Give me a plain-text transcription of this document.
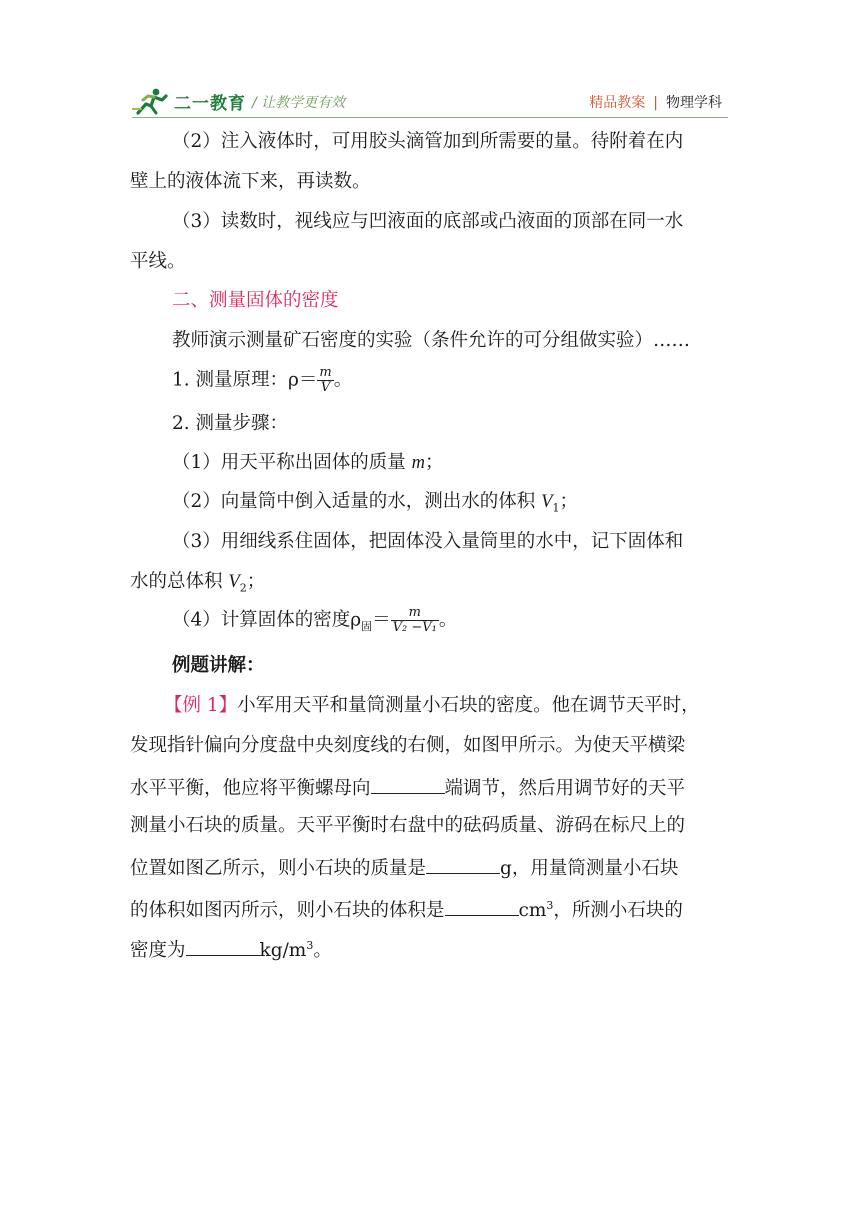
二一教育 / 让教学更有效	精品教案 | 物理学科
（2）注入液体时，可用胶头滴管加到所需要的量。待附着在内
壁上的液体流下来，再读数。
（3）读数时，视线应与凹液面的底部或凸液面的顶部在同一水
平线。
二、测量固体的密度
教师演示测量矿石密度的实验（条件允许的可分组做实验）……
1. 测量原理：$\rho= \frac{m}{V}$ 。
2. 测量步骤：
（1）用天平称出固体的质量 m；
（2）向量筒中倒入适量的水，测出水的体积 $V_1$；
（3）用细线系住固体，把固体没入量筒里的水中，记下固体和
水的总体积 $V_2$；
（4）计算固体的密度$\rho_固= \frac{m}{\text{V₂ −V₁}}$ 。
例题讲解：
【例 1】小军用天平和量筒测量小石块的密度。他在调节天平时，
发现指针偏向分度盘中央刻度线的右侧，如图甲所示。为使天平横梁
水平平衡，他应将平衡螺母向	端调节，然后用调节好的天平
测量小石块的质量。天平平衡时右盘中的砝码质量、游码在标尺上的
位置如图乙所示，则小石块的质量是	g，用量筒测量小石块
的体积如图丙所示，则小石块的体积是	$cm^3$，所测小石块的
密度为	$kg/m^3$。
